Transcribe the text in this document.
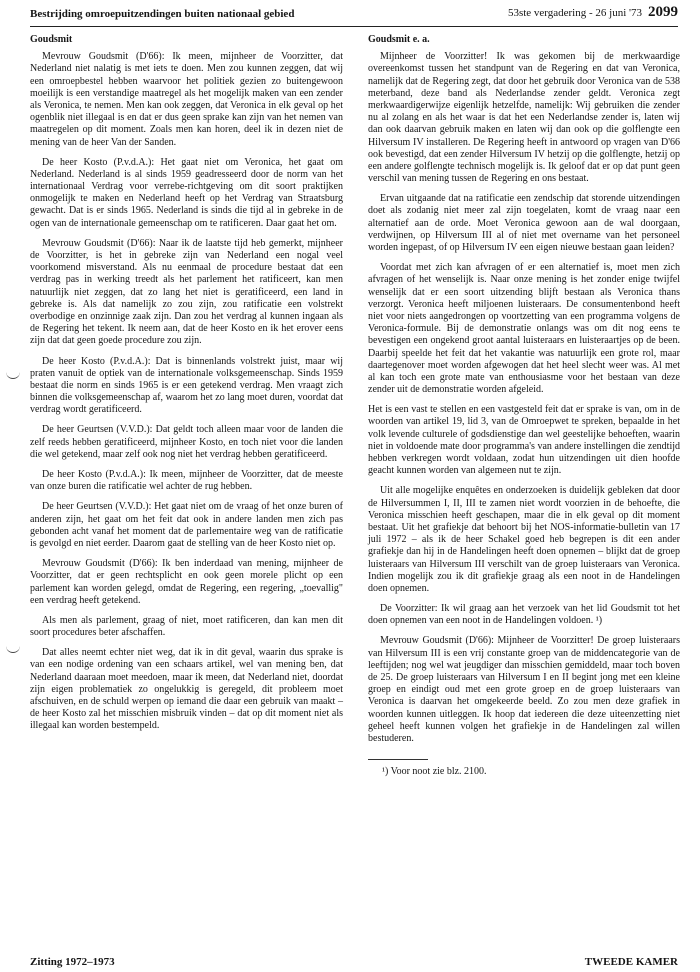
Bestrijding omroepuitzendingen buiten nationaal gebied	53ste vergadering - 26 juni '73 2099
Goudsmit

Mevrouw Goudsmit (D'66): Ik meen, mijnheer de Voorzitter, dat Nederland niet nalatig is met iets te doen. Men zou kunnen zeggen, dat wij een omroepbestel hebben waarvoor het politiek gezien zo buitengewoon moeilijk is een verstandige maatregel als het mogelijk maken van een zender als Veronica, te nemen. Men kan ook zeggen, dat Veronica in elk geval op het ogenblik niet illegaal is en dat er dus geen sprake kan zijn van het nemen van maatregelen op dit moment. Zoals men kan horen, deel ik in dezen niet de mening van de heer Van der Sanden.

De heer Kosto (P.v.d.A.): Het gaat niet om Veronica, het gaat om Nederland. Nederland is al sinds 1959 geadresseerd door de norm van het internationaal Verdrag voor verrebe-richtgeving om dit soort praktijken onmogelijk te maken en Nederland heeft op het Verdrag van Straatsburg gewacht. Dat is er sinds 1965. Nederland is sinds die tijd al in gebreke in de ogen van de internationale gemeenschap om te ratificeren. Daar gaat het om.

Mevrouw Goudsmit (D'66): Naar ik de laatste tijd heb gemerkt, mijnheer de Voorzitter, is het in gebreke zijn van Nederland een nogal veel voorkomend misverstand. Als nu eenmaal de procedure bestaat dat een verdrag pas in werking treedt als het parlement het ratificeert, kan men natuurlijk niet zeggen, dat zo lang het niet is geratificeerd, een land in gebreke is. Als dat namelijk zo zou zijn, zou ratificatie een volstrekt overbodige en onzinnige zaak zijn. Dan zou het verdrag al kunnen ingaan als de Regering het tekent. Ik neem aan, dat de heer Kosto en ik het erover eens zijn dat dat geen goede procedure zou zijn.

De heer Kosto (P.v.d.A.): Dat is binnenlands volstrekt juist, maar wij praten vanuit de optiek van de internationale volksgemeenschap. Sinds 1959 bestaat die norm en sinds 1965 is er een getekend verdrag. Men vraagt zich binnen die volksgemeenschap af, waarom het zo lang moet duren, voordat dat verdrag wordt geratificeerd.

De heer Geurtsen (V.V.D.): Dat geldt toch alleen maar voor de landen die zelf reeds hebben geratificeerd, mijnheer Kosto, en toch niet voor die landen die wel getekend, maar zelf ook nog niet het verdrag hebben geratificeerd.

De heer Kosto (P.v.d.A.): Ik meen, mijnheer de Voorzitter, dat de meeste van onze buren die ratificatie wel achter de rug hebben.

De heer Geurtsen (V.V.D.): Het gaat niet om de vraag of het onze buren of anderen zijn, het gaat om het feit dat ook in andere landen men zich pas gebonden acht vanaf het moment dat de parlementaire weg van de ratificatie is gevolgd en niet eerder. Daarom gaat de stelling van de heer Kosto niet op.

Mevrouw Goudsmit (D'66): Ik ben inderdaad van mening, mijnheer de Voorzitter, dat er geen rechtsplicht en ook geen morele plicht op een parlement kan worden gelegd, omdat de Regering, een regering, „toevallig" een verdrag heeft getekend.

Als men als parlement, graag of niet, moet ratificeren, dan kan men dit soort procedures beter afschaffen.

Dat alles neemt echter niet weg, dat ik in dit geval, waarin dus sprake is van een nodige ordening van een schaars artikel, wel van mening ben, dat Nederland daaraan moet meedoen, maar ik meen, dat Nederland niet, doordat zijn eigen problematiek zo ongelukkig is geregeld, dit probleem moet afschuiven, en de schuld werpen op iemand die daar een gebruik van maakt – de heer Kosto zal het misschien misbruik vinden – dat op dit moment niet als illegaal kan worden bestempeld.

Goudsmit e. a.

Mijnheer de Voorzitter! Ik was gekomen bij de merkwaardige overeenkomst tussen het standpunt van de Regering en dat van Veronica, namelijk dat de Regering zegt, dat door het gebruik door Veronica van de 538 meterband, deze band als Nederlandse zender geldt. Veronica zegt merkwaardigerwijze eigenlijk hetzelfde, namelijk: Wij gebruiken die zender nu al zolang en als het waar is dat het een Nederlandse zender is, laten wij dan ook daarvan gebruik maken en laten wij dan ook op die golflengte een Hilversum IV installeren. De Regering heeft in antwoord op vragen van D'66 ook bevestigd, dat een zender Hilversum IV hetzij op die golflengte, hetzij op een andere golflengte technisch mogelijk is. Ik geloof dat er op dat punt geen verschil van mening tussen de Regering en ons bestaat.

Ervan uitgaande dat na ratificatie een zendschip dat storende uitzendingen doet als zodanig niet meer zal zijn toegelaten, komt de vraag naar een alternatief aan de orde. Moet Veronica gewoon aan de wal doorgaan, verdwijnen, op Hilversum III al of niet met overname van het personeel worden ingepast, of op Hilversum IV een eigen nieuwe bestaan gaan leiden?

Voordat met zich kan afvragen of er een alternatief is, moet men zich afvragen of het wenselijk is. Naar onze mening is het zonder enige twijfel wenselijk dat er een soort uitzending blijft bestaan als Veronica thans verzorgt. Veronica heeft miljoenen luisteraars. De consumentenbond heeft niet voor niets aangedrongen op voortzetting van een programma volgens de Veronica-formule. Bij de demonstratie onlangs was om dit nog eens te bevestigen een ongekend groot aantal luisteraars en luisteraartjes op de been. Daarbij speelde het feit dat het vakantie was natuurlijk een grote rol, maar daartegenover moet worden afgewogen dat het heel slecht weer was. Al met al kan toch een grote mate van enthousiasme voor het bestaan van deze zender uit de demonstratie worden afgeleid.

Het is een vast te stellen en een vastgesteld feit dat er sprake is van, om in de woorden van artikel 19, lid 3, van de Omroepwet te spreken, bepaalde in het volk levende culturele of godsdienstige dan wel geestelijke behoeften, waarin niet in voldoende mate door programma's van andere instellingen die zendtijd hebben verkregen wordt voldaan, zodat hun uitzendingen uit dien hoofde geacht kunnen worden van algemeen nut te zijn.

Uit alle mogelijke enquêtes en onderzoeken is duidelijk gebleken dat door de Hilversummen I, II, III te zamen niet wordt voorzien in de behoefte, die Veronica misschien heeft geschapen, maar die in elk geval op dit moment bestaat. Uit het grafiekje dat behoort bij het NOS-informatie-bulletin van 17 juli 1972 – als ik de heer Schakel goed heb begrepen is dit een ander grafiekje dan hij in de Handelingen heeft doen opnemen – blijkt dat de groep luisteraars van Hilversum III verschilt van de groep luisteraars van Veronica. Indien mogelijk zou ik dit grafiekje graag als een noot in de Handelingen doen opnemen.

De Voorzitter: Ik wil graag aan het verzoek van het lid Goudsmit tot het doen opnemen van een noot in de Handelingen voldoen. ¹)

Mevrouw Goudsmit (D'66): Mijnheer de Voorzitter! De groep luisteraars van Hilversum III is een vrij constante groep van de middencategorie van de leeftijden; nog wel wat jeugdiger dan misschien gemiddeld, maar toch boven de 25. De groep luisteraars van Hilversum I en II begint jong met een kleine groep en eindigt oud met een grote groep en de groep luisteraars van Veronica is daarvan het omgekeerde beeld. Zo zou men deze grafiek in woorden kunnen uitleggen. Ik hoop dat iedereen die deze uiteenzetting niet geheel heeft kunnen volgen het grafiekje in de Handelingen zal willen bestuderen.

¹) Voor noot zie blz. 2100.
Zitting 1972–1973	TWEEDE KAMER
